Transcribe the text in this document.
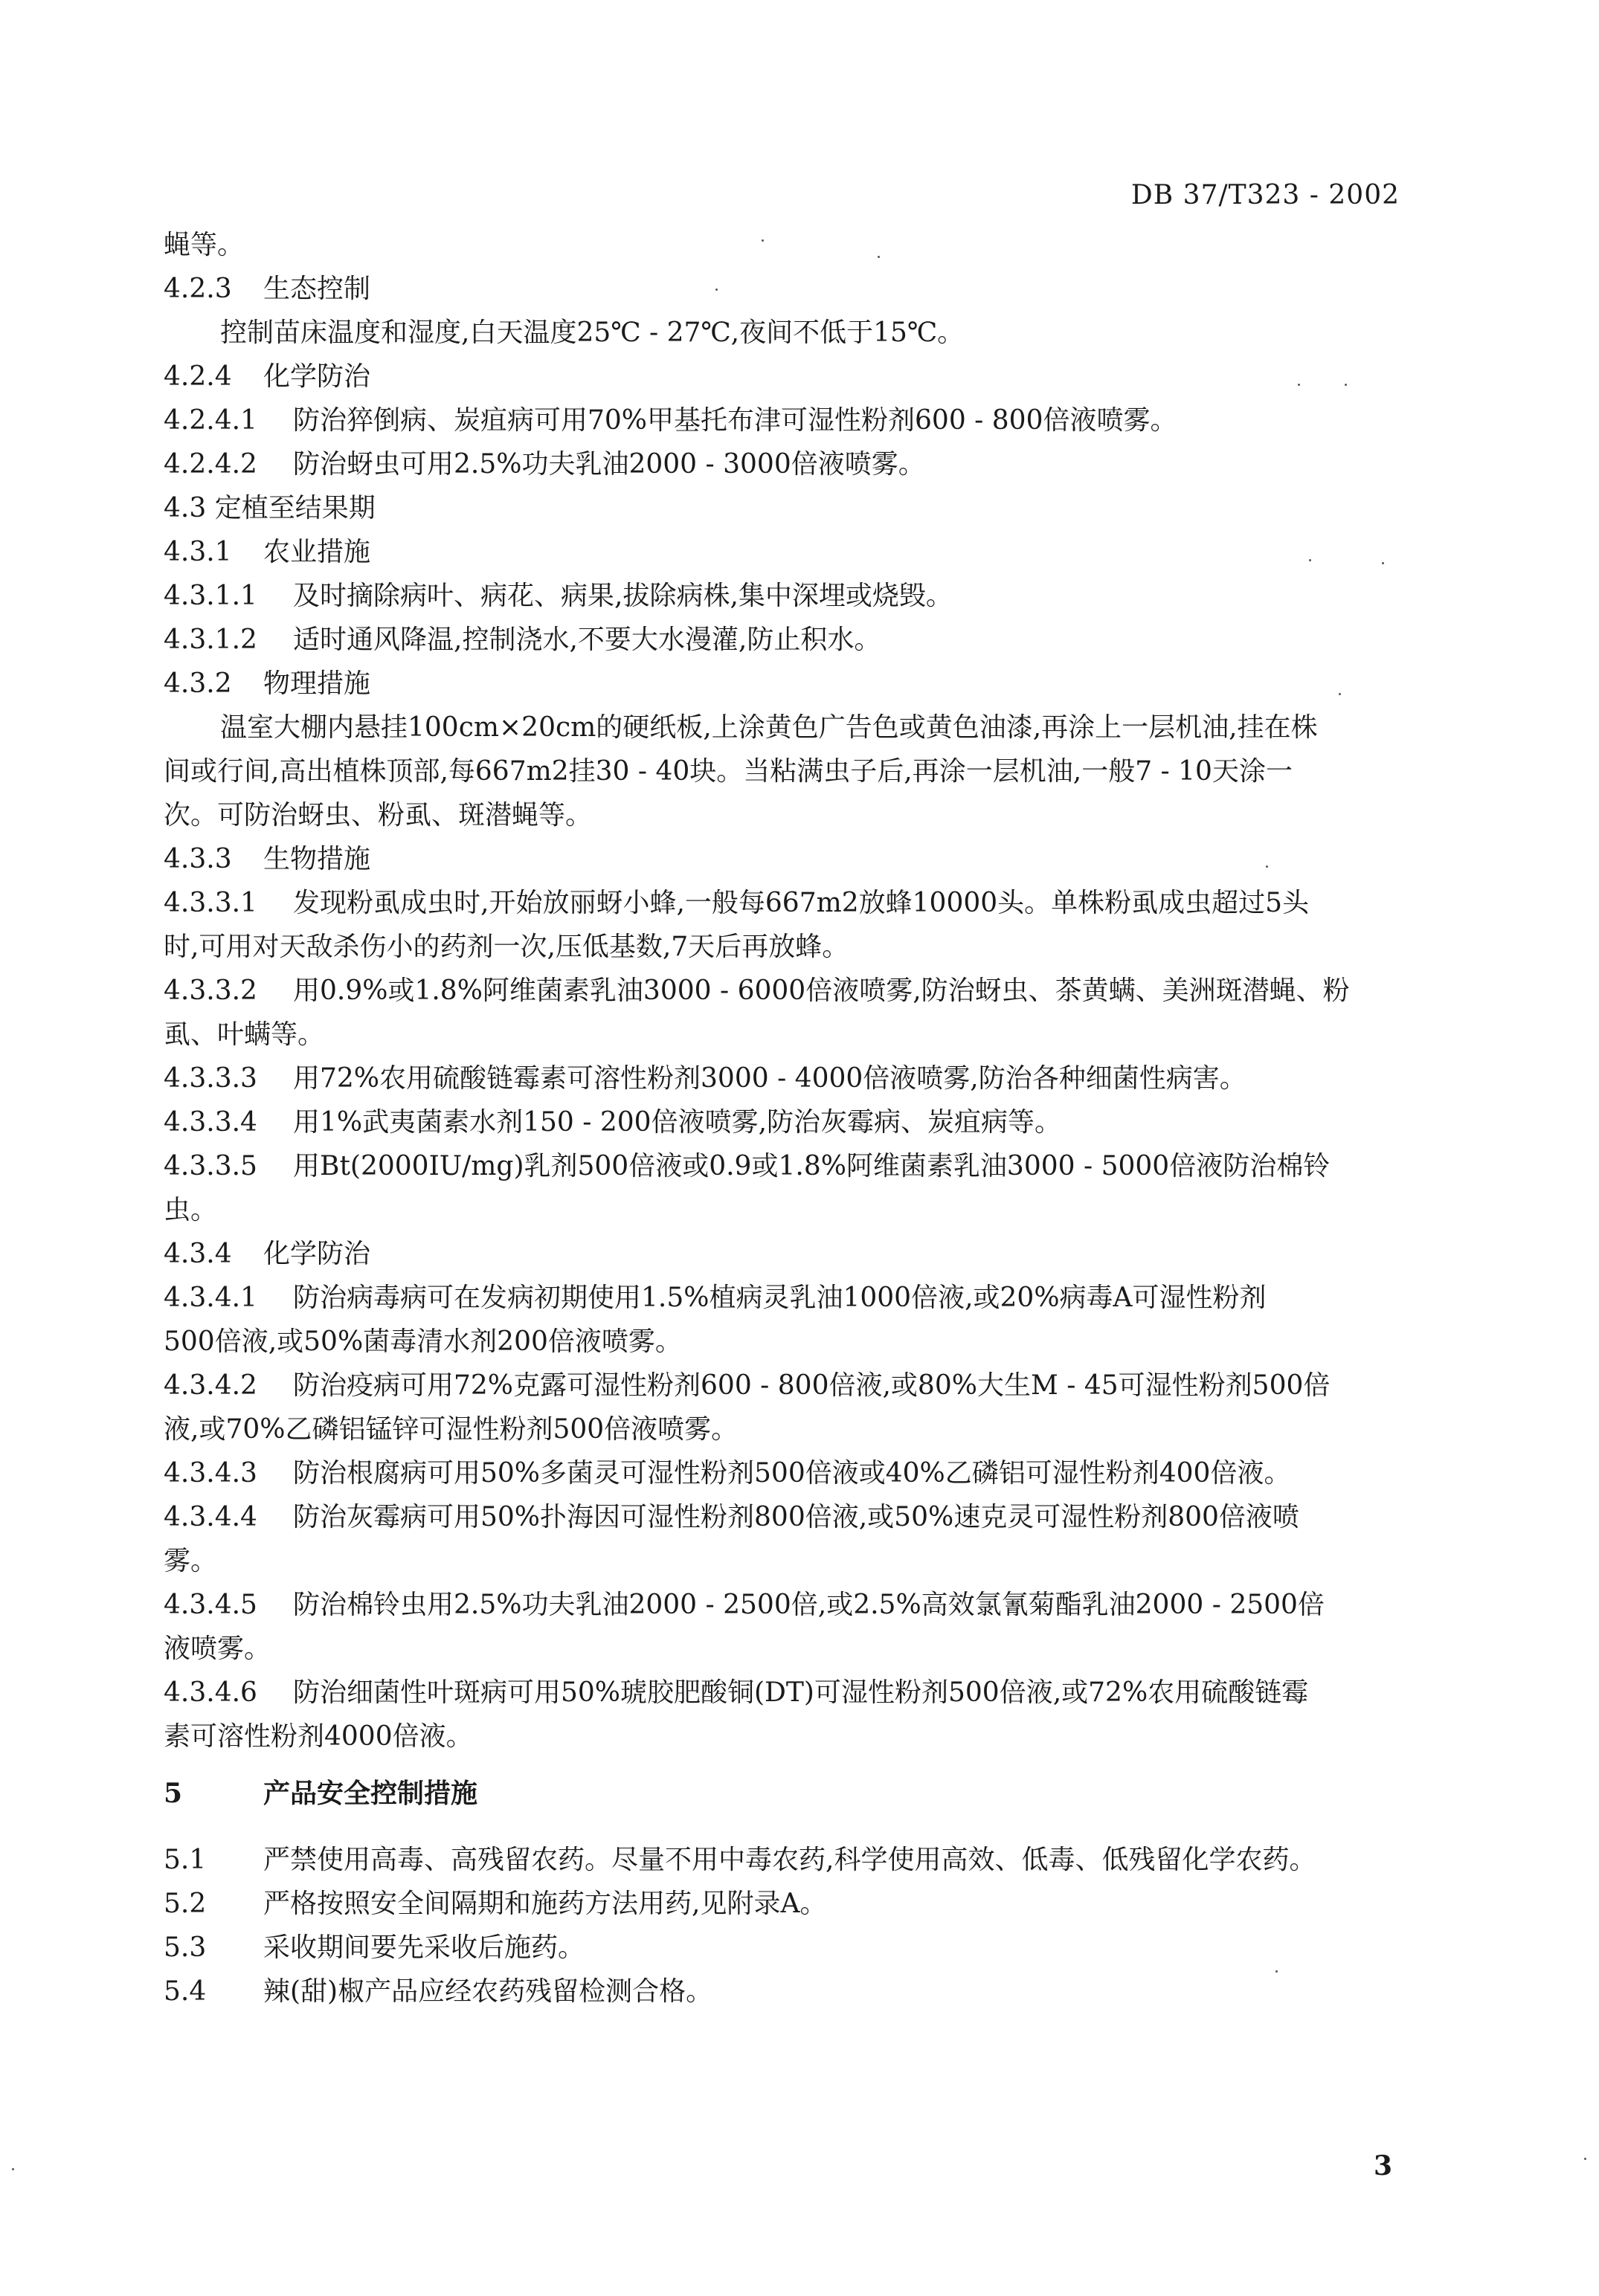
DB 37/T323 - 2002
蝇等。
4.2.3 生态控制
控制苗床温度和湿度,白天温度25℃ - 27℃,夜间不低于15℃。
4.2.4 化学防治
4.2.4.1 防治猝倒病、炭疽病可用70%甲基托布津可湿性粉剂600 - 800倍液喷雾。
4.2.4.2 防治蚜虫可用2.5%功夫乳油2000 - 3000倍液喷雾。
4.3 定植至结果期
4.3.1 农业措施
4.3.1.1 及时摘除病叶、病花、病果,拔除病株,集中深埋或烧毁。
4.3.1.2 适时通风降温,控制浇水,不要大水漫灌,防止积水。
4.3.2 物理措施
温室大棚内悬挂100cm×20cm的硬纸板,上涂黄色广告色或黄色油漆,再涂上一层机油,挂在株
间或行间,高出植株顶部,每667m2挂30 - 40块。当粘满虫子后,再涂一层机油,一般7 - 10天涂一
次。可防治蚜虫、粉虱、斑潜蝇等。
4.3.3 生物措施
4.3.3.1 发现粉虱成虫时,开始放丽蚜小蜂,一般每667m2放蜂10000头。单株粉虱成虫超过5头
时,可用对天敌杀伤小的药剂一次,压低基数,7天后再放蜂。
4.3.3.2 用0.9%或1.8%阿维菌素乳油3000 - 6000倍液喷雾,防治蚜虫、茶黄螨、美洲斑潜蝇、粉
虱、叶螨等。
4.3.3.3 用72%农用硫酸链霉素可溶性粉剂3000 - 4000倍液喷雾,防治各种细菌性病害。
4.3.3.4 用1%武夷菌素水剂150 - 200倍液喷雾,防治灰霉病、炭疽病等。
4.3.3.5 用Bt(2000IU/mg)乳剂500倍液或0.9或1.8%阿维菌素乳油3000 - 5000倍液防治棉铃
虫。
4.3.4 化学防治
4.3.4.1 防治病毒病可在发病初期使用1.5%植病灵乳油1000倍液,或20%病毒A可湿性粉剂
500倍液,或50%菌毒清水剂200倍液喷雾。
4.3.4.2 防治疫病可用72%克露可湿性粉剂600 - 800倍液,或80%大生M - 45可湿性粉剂500倍
液,或70%乙磷铝锰锌可湿性粉剂500倍液喷雾。
4.3.4.3 防治根腐病可用50%多菌灵可湿性粉剂500倍液或40%乙磷铝可湿性粉剂400倍液。
4.3.4.4 防治灰霉病可用50%扑海因可湿性粉剂800倍液,或50%速克灵可湿性粉剂800倍液喷
雾。
4.3.4.5 防治棉铃虫用2.5%功夫乳油2000 - 2500倍,或2.5%高效氯氰菊酯乳油2000 - 2500倍
液喷雾。
4.3.4.6 防治细菌性叶斑病可用50%琥胶肥酸铜(DT)可湿性粉剂500倍液,或72%农用硫酸链霉
素可溶性粉剂4000倍液。
5	产品安全控制措施
5.1 严禁使用高毒、高残留农药。尽量不用中毒农药,科学使用高效、低毒、低残留化学农药。
5.2 严格按照安全间隔期和施药方法用药,见附录A。
5.3 采收期间要先采收后施药。
5.4 辣(甜)椒产品应经农药残留检测合格。
3
